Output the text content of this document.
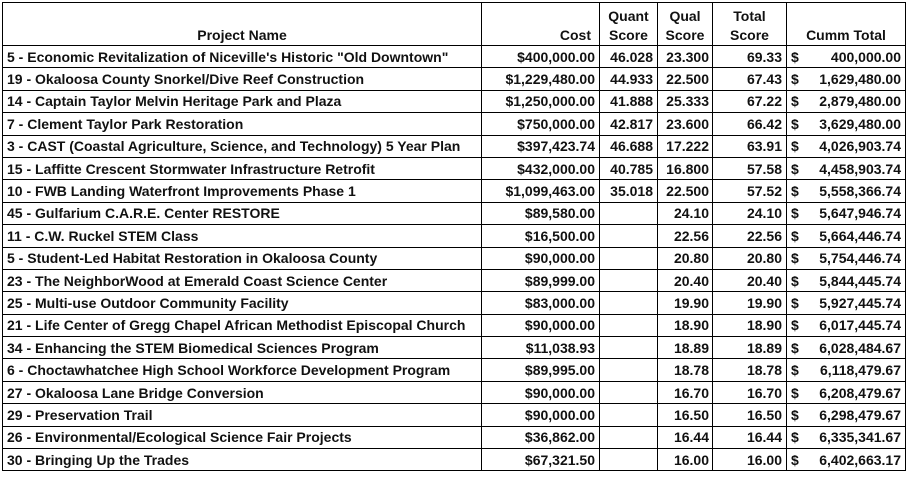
		Quant	Qual	Total	
Project Name	Cost	Score	Score	Score	Cumm Total
5 - Economic Revitalization of Niceville's Historic "Old Downtown"	$400,000.00	46.028	23.300	69.33	$ 400,000.00

19 - Okaloosa County Snorkel/Dive Reef Construction	$1,229,480.00	44.933	22.500	67.43	$ 1,629,480.00

14 - Captain Taylor Melvin Heritage Park and Plaza	$1,250,000.00	41.888	25.333	67.22	$ 2,879,480.00

7 - Clement Taylor Park Restoration	$750,000.00	42.817	23.600	66.42	$ 3,629,480.00

3 - CAST (Coastal Agriculture, Science, and Technology) 5 Year Plan	$397,423.74	46.688	17.222	63.91	$ 4,026,903.74

15 - Laffitte Crescent Stormwater Infrastructure Retrofit	$432,000.00	40.785	16.800	57.58	$ 4,458,903.74

10 - FWB Landing Waterfront Improvements Phase 1	$1,099,463.00	35.018	22.500	57.52	$ 5,558,366.74

45 - Gulfarium C.A.R.E. Center RESTORE	$89,580.00		24.10	24.10	$ 5,647,946.74

11 - C.W. Ruckel STEM Class	$16,500.00		22.56	22.56	$ 5,664,446.74

5 - Student-Led Habitat Restoration in Okaloosa County	$90,000.00		20.80	20.80	$ 5,754,446.74

23 - The NeighborWood at Emerald Coast Science Center	$89,999.00		20.40	20.40	$ 5,844,445.74

25 - Multi-use Outdoor Community Facility	$83,000.00		19.90	19.90	$ 5,927,445.74

21 - Life Center of Gregg Chapel African Methodist Episcopal Church	$90,000.00		18.90	18.90	$ 6,017,445.74

34 - Enhancing the STEM Biomedical Sciences Program	$11,038.93		18.89	18.89	$ 6,028,484.67

6 - Choctawhatchee High School Workforce Development Program	$89,995.00		18.78	18.78	$ 6,118,479.67

27 - Okaloosa Lane Bridge Conversion	$90,000.00		16.70	16.70	$ 6,208,479.67

29 - Preservation Trail	$90,000.00		16.50	16.50	$ 6,298,479.67

26 - Environmental/Ecological Science Fair Projects	$36,862.00		16.44	16.44	$ 6,335,341.67

30 - Bringing Up the Trades	$67,321.50		16.00	16.00	$ 6,402,663.17
